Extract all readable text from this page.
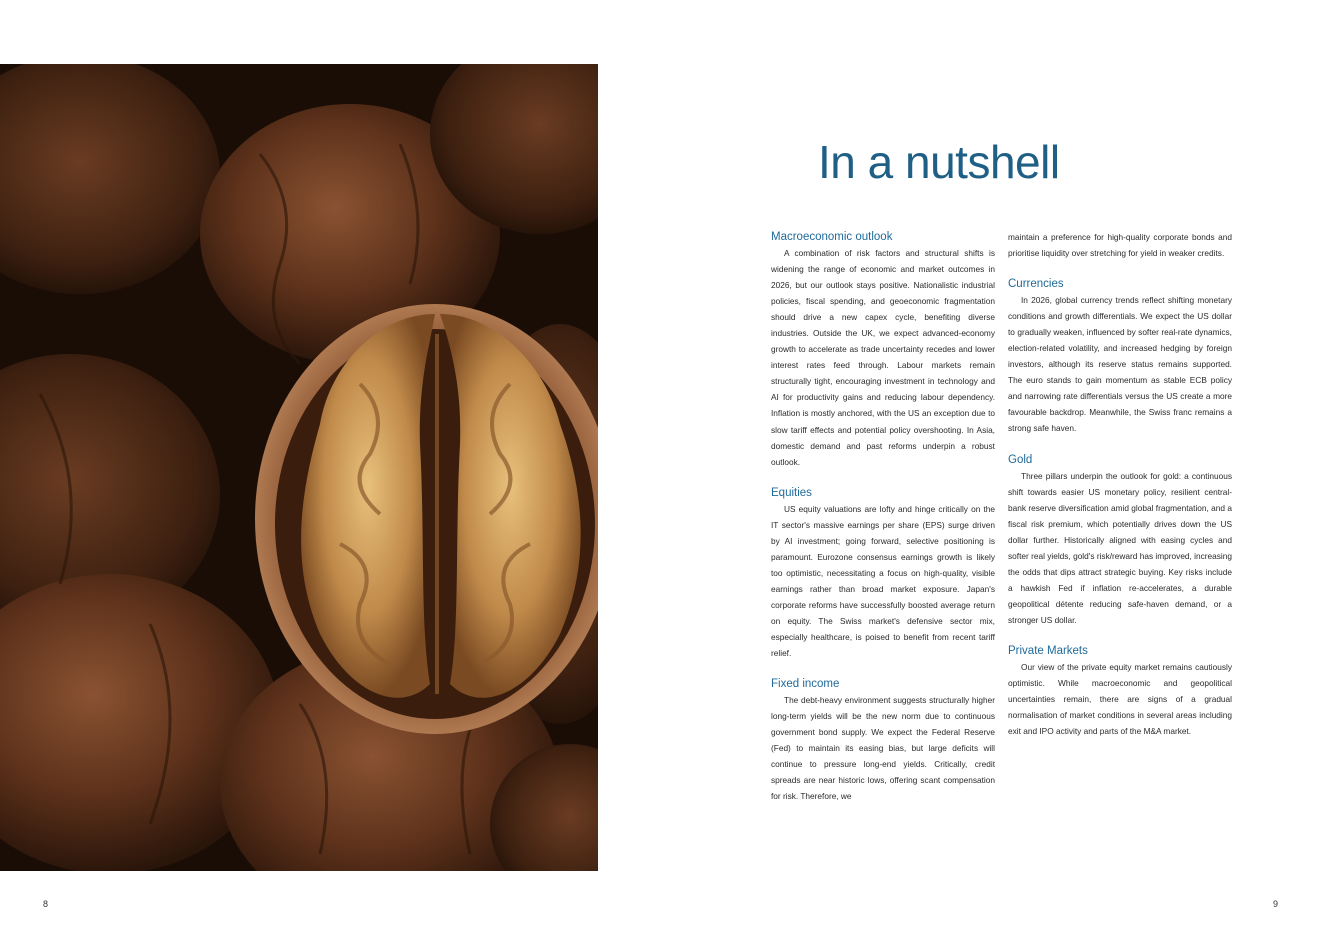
In a nutshell
Macroeconomic outlook

A combination of risk factors and structural shifts is widening the range of economic and market outcomes in 2026, but our outlook stays positive. Nationalistic industrial policies, fiscal spending, and geoeconomic fragmentation should drive a new capex cycle, benefiting diverse industries. Outside the UK, we expect advanced-economy growth to accelerate as trade uncertainty recedes and lower interest rates feed through. Labour markets remain structurally tight, encouraging investment in technology and AI for productivity gains and reducing labour dependency. Inflation is mostly anchored, with the US an exception due to slow tariff effects and potential policy overshooting. In Asia, domestic demand and past reforms underpin a robust outlook.

Equities

US equity valuations are lofty and hinge critically on the IT sector's massive earnings per share (EPS) surge driven by AI investment; going forward, selective positioning is paramount. Eurozone consensus earnings growth is likely too optimistic, necessitating a focus on high-quality, visible earnings rather than broad market exposure. Japan's corporate reforms have successfully boosted average return on equity. The Swiss market's defensive sector mix, especially healthcare, is poised to benefit from recent tariff relief.

Fixed income

The debt-heavy environment suggests structurally higher long-term yields will be the new norm due to continuous government bond supply. We expect the Federal Reserve (Fed) to maintain its easing bias, but large deficits will continue to pressure long-end yields. Critically, credit spreads are near historic lows, offering scant compensation for risk. Therefore, we

maintain a preference for high-quality corporate bonds and prioritise liquidity over stretching for yield in weaker credits.

Currencies

In 2026, global currency trends reflect shifting monetary conditions and growth differentials. We expect the US dollar to gradually weaken, influenced by softer real-rate dynamics, election-related volatility, and increased hedging by foreign investors, although its reserve status remains supported. The euro stands to gain momentum as stable ECB policy and narrowing rate differentials versus the US create a more favourable backdrop. Meanwhile, the Swiss franc remains a strong safe haven.

Gold

Three pillars underpin the outlook for gold: a continuous shift towards easier US monetary policy, resilient central-bank reserve diversification amid global fragmentation, and a fiscal risk premium, which potentially drives down the US dollar further. Historically aligned with easing cycles and softer real yields, gold's risk/reward has improved, increasing the odds that dips attract strategic buying. Key risks include a hawkish Fed if inflation re-accelerates, a durable geopolitical détente reducing safe-haven demand, or a stronger US dollar.

Private Markets

Our view of the private equity market remains cautiously optimistic. While macroeconomic and geopolitical uncertainties remain, there are signs of a gradual normalisation of market conditions in several areas including exit and IPO activity and parts of the M&A market.

8	9
